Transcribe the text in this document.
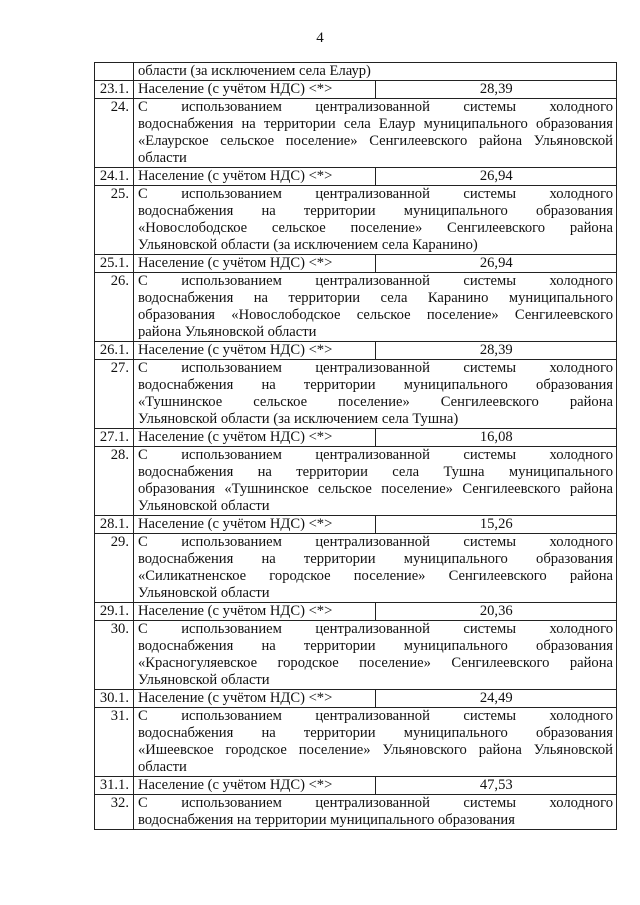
4
	области (за исключением села Елаур)	
23.1.	Население (с учётом НДС) <*>	28,39
24.	С использованием централизованной системы холодного
водоснабжения на территории села Елаур муниципального образования
«Елаурское сельское поселение» Сенгилеевского района Ульяновской
области	

24.1.	Население (с учётом НДС) <*>	26,94
25.	С использованием централизованной системы холодного
водоснабжения на территории муниципального образования
«Новослободское сельское поселение» Сенгилеевского района
Ульяновской области (за исключением села Каранино)	

25.1.	Население (с учётом НДС) <*>	26,94
26.	С использованием централизованной системы холодного
водоснабжения на территории села Каранино муниципального
образования «Новослободское сельское поселение» Сенгилеевского
района Ульяновской области	

26.1.	Население (с учётом НДС) <*>	28,39
27.	С использованием централизованной системы холодного
водоснабжения на территории муниципального образования
«Тушнинское сельское поселение» Сенгилеевского района
Ульяновской области (за исключением села Тушна)	

27.1.	Население (с учётом НДС) <*>	16,08
28.	С использованием централизованной системы холодного
водоснабжения на территории села Тушна муниципального
образования «Тушнинское сельское поселение» Сенгилеевского района
Ульяновской области	

28.1.	Население (с учётом НДС) <*>	15,26
29.	С использованием централизованной системы холодного
водоснабжения на территории муниципального образования
«Силикатненское городское поселение» Сенгилеевского района
Ульяновской области	

29.1.	Население (с учётом НДС) <*>	20,36
30.	С использованием централизованной системы холодного
водоснабжения на территории муниципального образования
«Красногуляевское городское поселение» Сенгилеевского района
Ульяновской области	

30.1.	Население (с учётом НДС) <*>	24,49
31.	С использованием централизованной системы холодного
водоснабжения на территории муниципального образования
«Ишеевское городское поселение» Ульяновского района Ульяновской
области	

31.1.	Население (с учётом НДС) <*>	47,53
32.	С использованием централизованной системы холодного
водоснабжения на территории муниципального образования	
